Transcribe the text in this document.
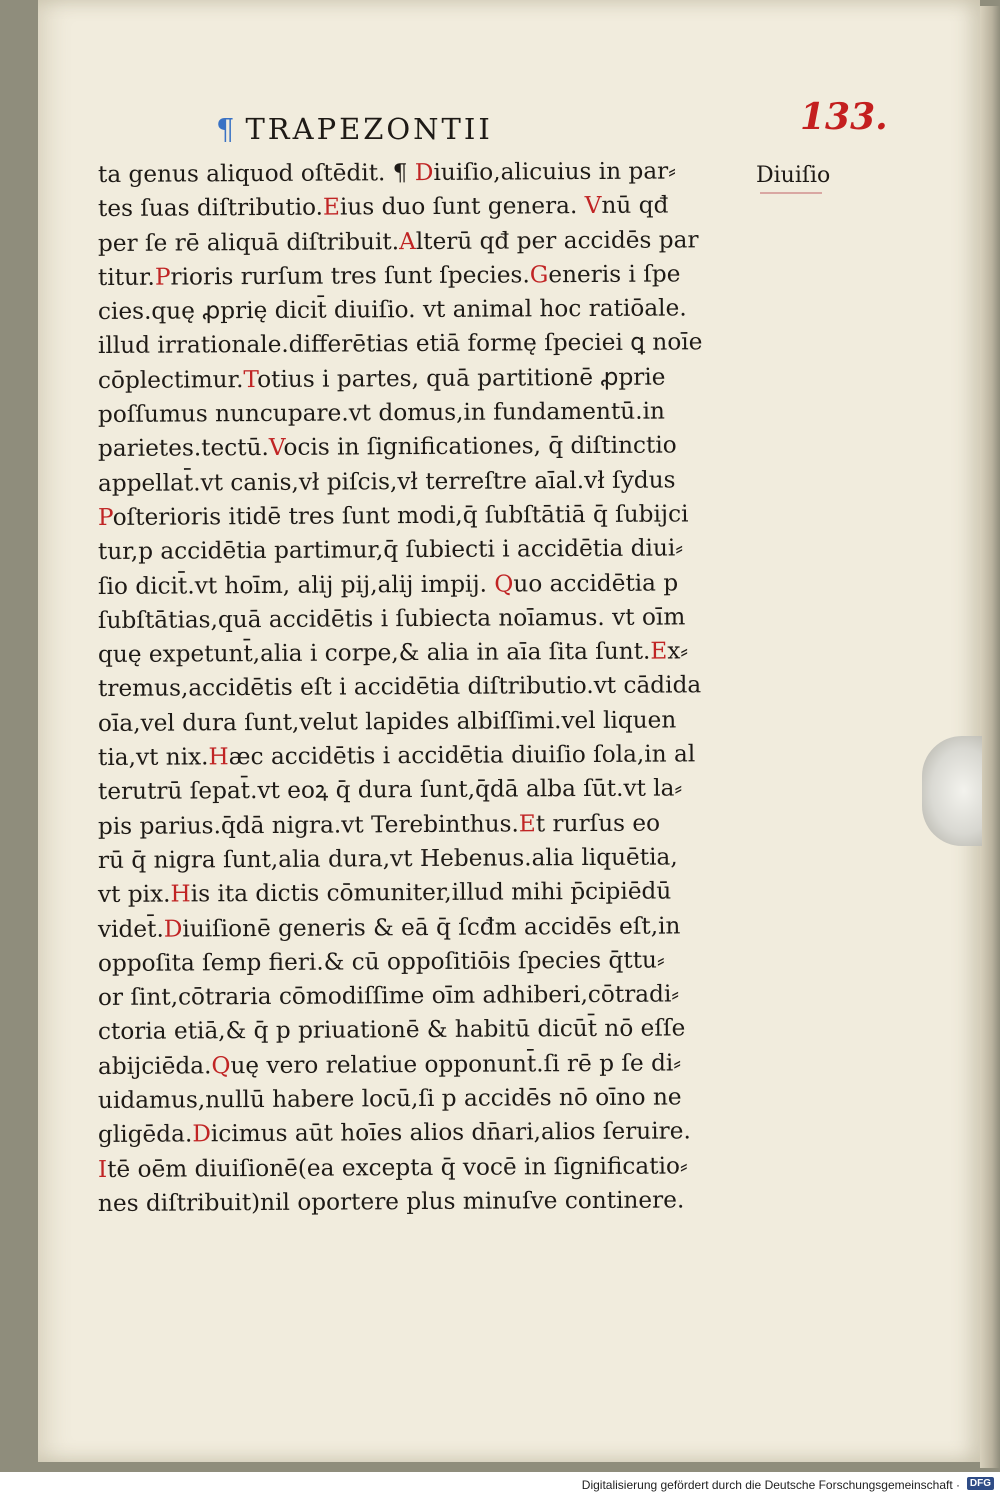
¶ TRAPEZONTII	133.
Diuiſio
ta genus aliquod oſtēdit. ¶ Diuiſio,alicuius in par⸗
tes ſuas diſtributio.Eius duo ſunt genera. Vnū qđ
per ſe rē aliquā diſtribuit.Alterū qđ per accidēs par
titur.Prioris rurſum tres ſunt ſpecies.Generis i ſpe
cies.quę ꝓprię dicit̄ diuiſio. vt animal hoc ratiōale.
illud irrationale.differētias etiā formę ſpeciei ꝗ noīe
cōplectimur.Totius i partes, quā partitionē ꝓprie
poſſumus nuncupare.vt domus,in fundamentū.in
parietes.tectū.Vocis in ſignificationes, q̄ diſtinctio
appellat̄.vt canis,vł piſcis,vł terreſtre aīal.vł ſydus
Poſterioris itidē tres ſunt modi,q̄ ſubſtātiā q̄ ſubijci
tur,p accidētia partimur,q̄ ſubiecti i accidētia diui⸗
ſio dicit̄.vt hoīm, alij pij,alij impij. Quo accidētia p
ſubſtātias,quā accidētis i ſubiecta noīamus. vt oīm
quę expetunt̄,alia i corpe,& alia in aīa ſita ſunt.Ex⸗
tremus,accidētis eſt i accidētia diſtributio.vt cādida
oīa,vel dura ſunt,velut lapides albiſſimi.vel liquen
tia,vt nix.Hæc accidētis i accidētia diuiſio ſola,in al
terutrū ſepat̄.vt eoꝝ q̄ dura ſunt,q̄dā alba ſūt.vt la⸗
pis parius.q̄dā nigra.vt Terebinthus.Et rurſus eo
rū q̄ nigra ſunt,alia dura,vt Hebenus.alia liquētia,
vt pix.His ita dictis cōmuniter,illud mihi p̄cipiēdū
videt̄.Diuiſionē generis & eā q̄ ſcđm accidēs eſt,in
oppoſita ſemp fieri.& cū oppoſitiōis ſpecies q̄ttu⸗
or ſint,cōtraria cōmodiſſime oīm adhiberi,cōtradi⸗
ctoria etiā,& q̄ p priuationē & habitū dicūt̄ nō eſſe
abijciēda.Quę vero relatiue opponunt̄.ſi rē p ſe di⸗
uidamus,nullū habere locū,ſi p accidēs nō oīno ne
gligēda.Dicimus aūt hoīes alios dn̄ari,alios ſeruire.
Itē oēm diuiſionē(ea excepta q̄ vocē in ſignificatio⸗
nes diſtribuit)nil oportere plus minuſve continere.
Digitalisierung gefördert durch die Deutsche Forschungsgemeinschaft · DFG
